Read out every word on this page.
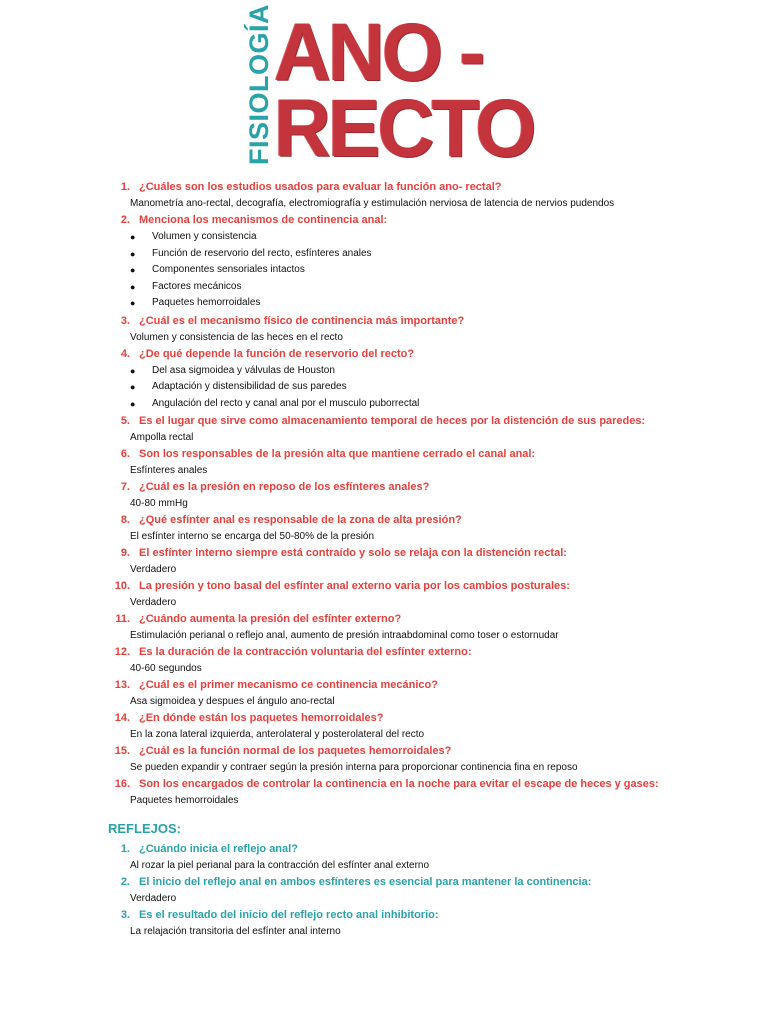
FISIOLOGÍA ANO -
RECTO
1. ¿Cuáles son los estudios usados para evaluar la función ano- rectal?
Manometría ano-rectal, decografía, electromiografía y estimulación nerviosa de latencia de nervios pudendos
2. Menciona los mecanismos de continencia anal:
● Volumen y consistencia
● Función de reservorio del recto, esfínteres anales
● Componentes sensoriales intactos
● Factores mecánicos
● Paquetes hemorroidales
3. ¿Cuál es el mecanismo físico de continencia más importante?
Volumen y consistencia de las heces en el recto
4. ¿De qué depende la función de reservorio del recto?
● Del asa sigmoidea y válvulas de Houston
● Adaptación y distensibilidad de sus paredes
● Angulación del recto y canal anal por el musculo puborrectal
5. Es el lugar que sirve como almacenamiento temporal de heces por la distención de sus paredes:
Ampolla rectal
6. Son los responsables de la presión alta que mantiene cerrado el canal anal:
Esfínteres anales
7. ¿Cuál es la presión en reposo de los esfínteres anales?
40-80 mmHg
8. ¿Qué esfínter anal es responsable de la zona de alta presión?
El esfínter interno se encarga del 50-80% de la presión
9. El esfínter interno siempre está contraído y solo se relaja con la distención rectal:
Verdadero
10. La presión y tono basal del esfínter anal externo varia por los cambios posturales:
Verdadero
11. ¿Cuándo aumenta la presión del esfínter externo?
Estimulación perianal o reflejo anal, aumento de presión intraabdominal como toser o estornudar
12. Es la duración de la contracción voluntaria del esfínter externo:
40-60 segundos
13. ¿Cuál es el primer mecanismo ce continencia mecánico?
Asa sigmoidea y despues el ángulo ano-rectal
14. ¿En dónde están los paquetes hemorroidales?
En la zona lateral izquierda, anterolateral y posterolateral del recto
15. ¿Cuál es la función normal de los paquetes hemorroidales?
Se pueden expandir y contraer según la presión interna para proporcionar continencia fina en reposo
16. Son los encargados de controlar la continencia en la noche para evitar el escape de heces y gases:
Paquetes hemorroidales
REFLEJOS:
1. ¿Cuándo inicia el reflejo anal?
Al rozar la piel perianal para la contracción del esfínter anal externo
2. El inicio del reflejo anal en ambos esfínteres es esencial para mantener la continencia:
Verdadero
3. Es el resultado del inicio del reflejo recto anal inhibitorio:
La relajación transitoria del esfínter anal interno
